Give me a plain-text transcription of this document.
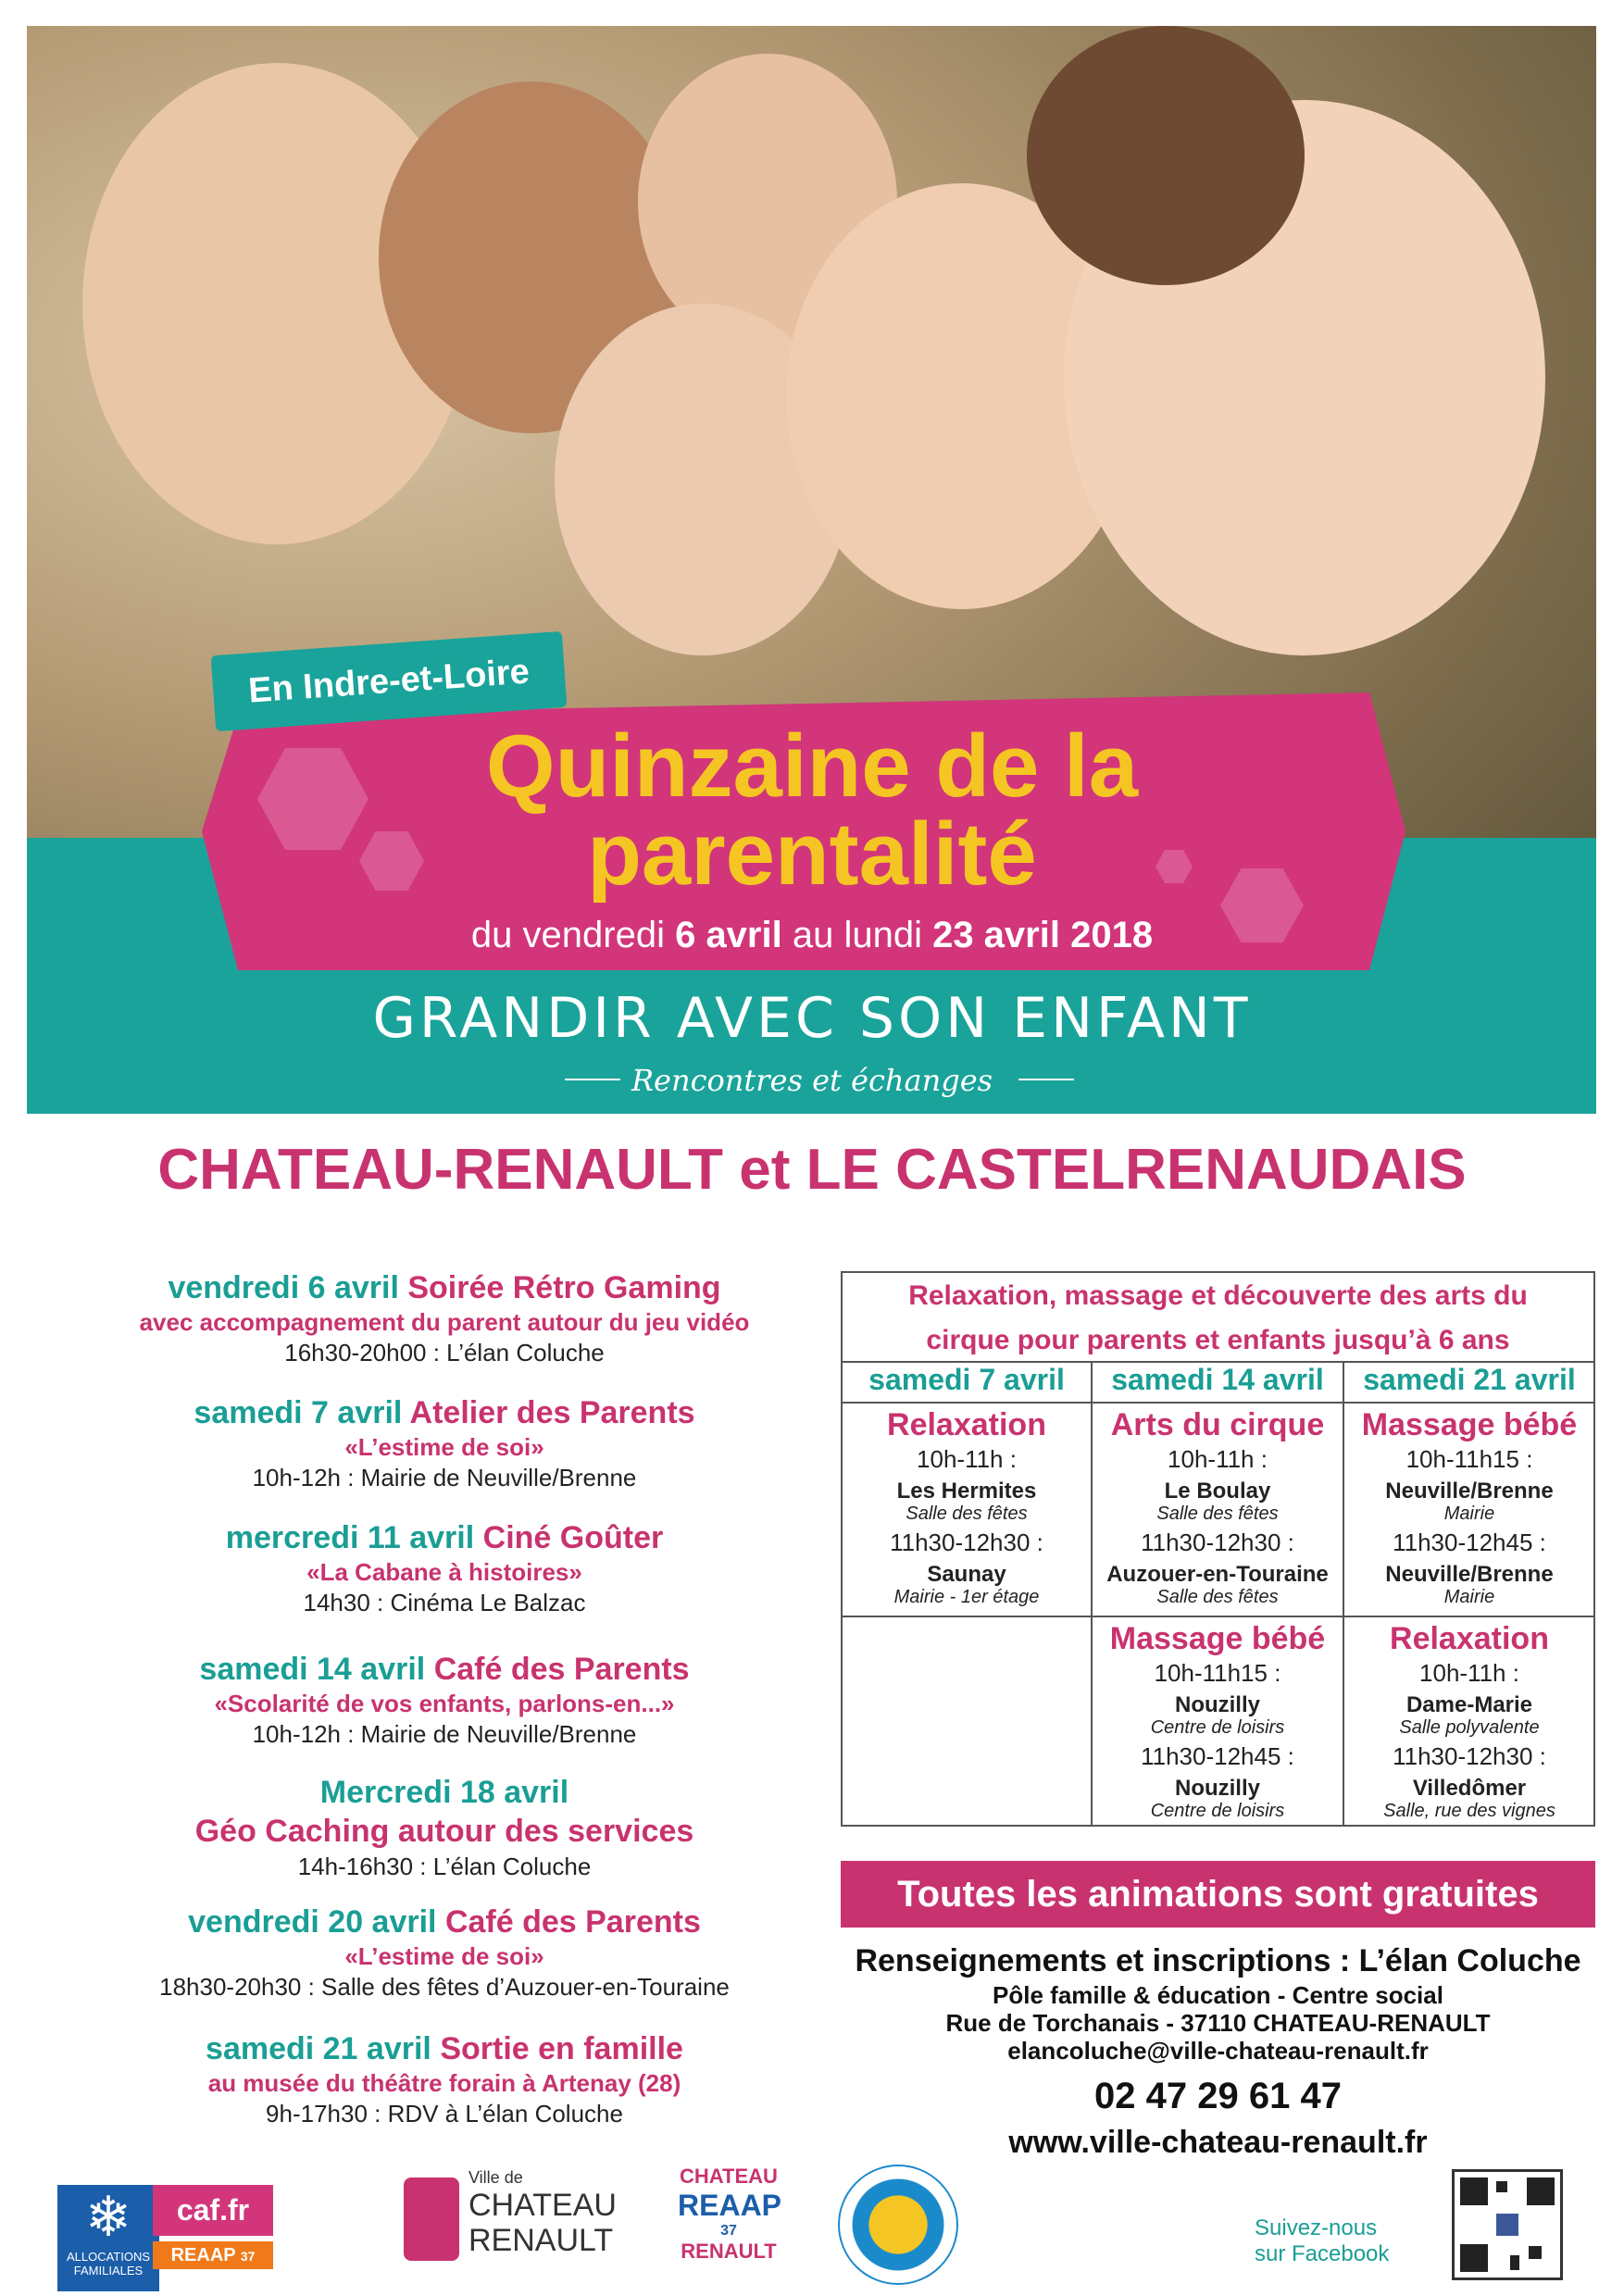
En Indre-et-Loire
Quinzaine de la
parentalité
du vendredi 6 avril au lundi 23 avril 2018
GRANDIR AVEC SON ENFANT
Rencontres et échanges
CHATEAU-RENAULT et LE CASTELRENAUDAIS
vendredi 6 avril Soirée Rétro Gaming
avec accompagnement du parent autour du jeu vidéo
16h30-20h00 : L’élan Coluche
samedi 7 avril Atelier des Parents
«L’estime de soi»
10h-12h : Mairie de Neuville/Brenne
mercredi 11 avril Ciné Goûter
«La Cabane à histoires»
14h30 : Cinéma Le Balzac
samedi 14 avril Café des Parents
«Scolarité de vos enfants, parlons-en...»
10h-12h : Mairie de Neuville/Brenne
Mercredi 18 avril
Géo Caching autour des services
14h-16h30 : L’élan Coluche
vendredi 20 avril Café des Parents
«L’estime de soi»
18h30-20h30 : Salle des fêtes d’Auzouer-en-Touraine
samedi 21 avril Sortie en famille
au musée du théâtre forain à Artenay (28)
9h-17h30 : RDV à L’élan Coluche
Relaxation, massage et découverte des arts du
cirque pour parents et enfants jusqu’à 6 ans
samedi 7 avril	samedi 14 avril	samedi 21 avril
Relaxation
10h-11h :
Les Hermites
Salle des fêtes
11h30-12h30 :
Saunay
Mairie - 1er étage
Arts du cirque
10h-11h :
Le Boulay
Salle des fêtes
11h30-12h30 :
Auzouer-en-Touraine
Salle des fêtes
Massage bébé
10h-11h15 :
Neuville/Brenne
Mairie
11h30-12h45 :
Neuville/Brenne
Mairie
Massage bébé
10h-11h15 :
Nouzilly
Centre de loisirs
11h30-12h45 :
Nouzilly
Centre de loisirs
Relaxation
10h-11h :
Dame-Marie
Salle polyvalente
11h30-12h30 :
Villedômer
Salle, rue des vignes
Toutes les animations sont gratuites
Renseignements et inscriptions : L’élan Coluche
Pôle famille & éducation - Centre social
Rue de Torchanais - 37110 CHATEAU-RENAULT
elancoluche@ville-chateau-renault.fr
02 47 29 61 47
www.ville-chateau-renault.fr
❄
ALLOCATIONS FAMILIALES
caf.fr
REAAP 37
Ville de
CHATEAU
RENAULT
CHATEAU
REAAP
37
RENAULT
Suivez-nous sur Facebook
